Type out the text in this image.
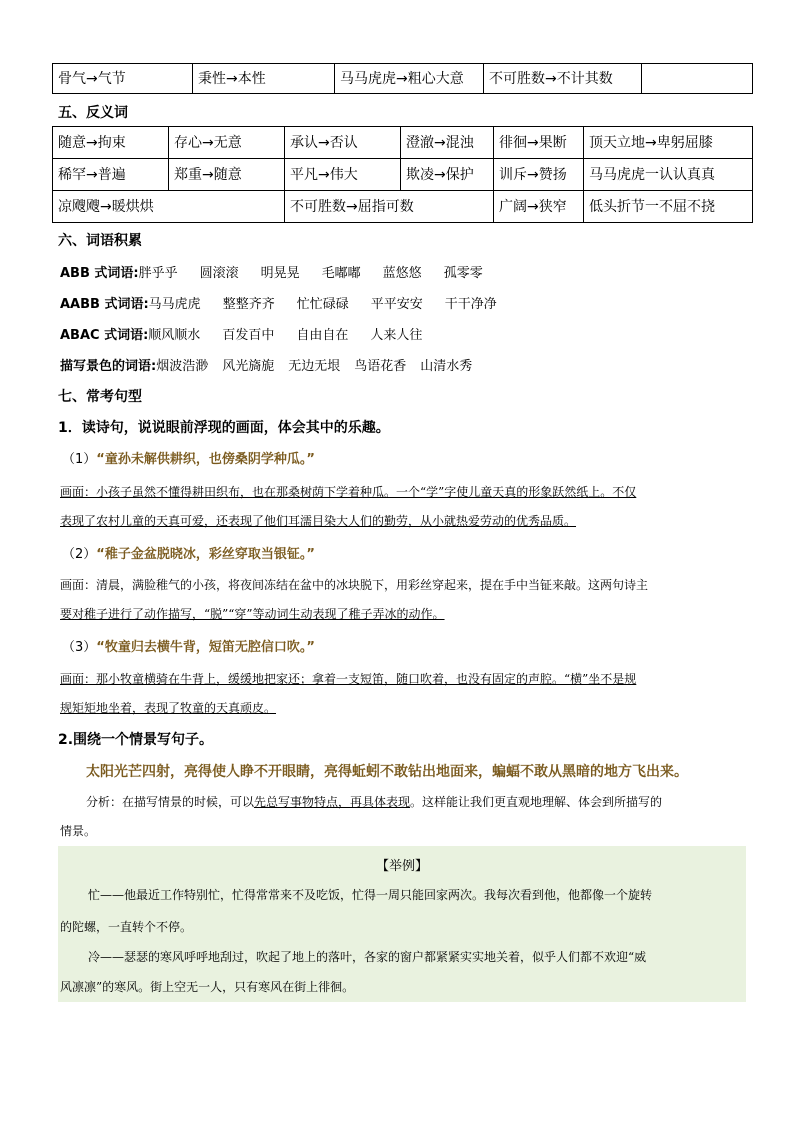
骨气→气节	秉性→本性	马马虎虎→粗心大意	不可胜数→不计其数	
五、反义词
随意→拘束	存心→无意	承认→否认	澄澈→混浊	徘徊→果断	顶天立地→卑躬屈膝
稀罕→普遍	郑重→随意	平凡→伟大	欺凌→保护	训斥→赞扬	马马虎虎一认认真真
凉飕飕→暖烘烘		不可胜数→屈指可数		广阔→狭窄	低头折节一不屈不挠
六、词语积累
ABB 式词语:胖乎乎 圆滚滚 明晃晃 毛嘟嘟 蓝悠悠 孤零零
AABB 式词语:马马虎虎 整整齐齐 忙忙碌碌 平平安安 干干净净
ABAC 式词语:顺风顺水 百发百中 自由自在 人来人往
描写景色的词语:烟波浩渺 风光旖旎 无边无垠 鸟语花香 山清水秀
七、常考句型
1．读诗句，说说眼前浮现的画面，体会其中的乐趣。
（1）“童孙未解供耕织，也傍桑阴学种瓜。”
画面：小孩子虽然不懂得耕田织布，也在那桑树荫下学着种瓜。一个“学”字使儿童天真的形象跃然纸上。不仅
表现了农村儿童的天真可爱，还表现了他们耳濡目染大人们的勤劳，从小就热爱劳动的优秀品质。
（2）“稚子金盆脱晓冰，彩丝穿取当银钲。”
画面：清晨，满脸稚气的小孩，将夜间冻结在盆中的冰块脱下，用彩丝穿起来，提在手中当钲来敲。这两句诗主
要对稚子进行了动作描写，“脱”“穿”等动词生动表现了稚子弄冰的动作。
（3）“牧童归去横牛背，短笛无腔信口吹。”
画面：那小牧童横骑在牛背上，缓缓地把家还；拿着一支短笛，随口吹着，也没有固定的声腔。“横”坐不是规
规矩矩地坐着，表现了牧童的天真顽皮。
2.围绕一个情景写句子。
太阳光芒四射，亮得使人睁不开眼睛，亮得蚯蚓不敢钻出地面来，蝙蝠不敢从黑暗的地方飞出来。
分析：在描写情景的时候，可以先总写事物特点，再具体表现。这样能让我们更直观地理解、体会到所描写的
情景。
【举例】
忙——他最近工作特别忙，忙得常常来不及吃饭，忙得一周只能回家两次。我每次看到他，他都像一个旋转
的陀螺，一直转个不停。
冷——瑟瑟的寒风呼呼地刮过，吹起了地上的落叶，各家的窗户都紧紧实实地关着，似乎人们都不欢迎“威
风凛凛”的寒风。街上空无一人，只有寒风在街上徘徊。
